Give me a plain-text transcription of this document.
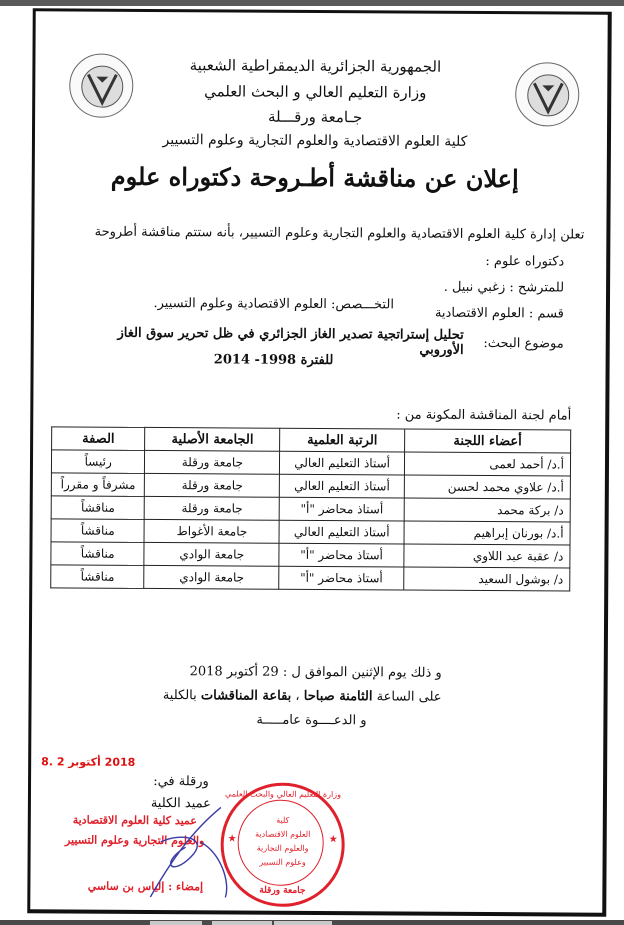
الجمهورية الجزائرية الديمقراطية الشعبية
وزارة التعليم العالي و البحث العلمي
جـامعة ورقـــلة
كلية العلوم الاقتصادية والعلوم التجارية وعلوم التسيير
إعلان عن مناقشة أطـروحة دكتوراه علوم
تعلن إدارة كلية العلوم الاقتصادية والعلوم التجارية وعلوم التسيير، بأنه ستتم مناقشة أطروحة
دكتوراه علوم :
للمترشح : زغبي نبيل .
قسم : العلوم الاقتصادية
التخـــصص: العلوم الاقتصادية وعلوم التسيير.
موضوع البحث:
تحليل إستراتجية تصدير الغاز الجزائري في ظل تحرير سوق الغاز الأوروبي
للفترة 1998- 2014
أمام لجنة المناقشة المكونة من :
أعضاء اللجنة	الرتبة العلمية	الجامعة الأصلية	الصفة
أ.د/ أحمد لعمى	أستاذ التعليم العالي	جامعة ورقلة	رئيساً
أ.د/ علاوي محمد لحسن	أستاذ التعليم العالي	جامعة ورقلة	مشرفاً و مقرراً
د/ بركة محمد	أستاذ محاضر "أ"	جامعة ورقلة	مناقشاً
أ.د/ بورنان إبراهيم	أستاذ التعليم العالي	جامعة الأغواط	مناقشاً
د/ عقبة عبد اللاوي	أستاذ محاضر "أ"	جامعة الوادي	مناقشاً
د/ بوشول السعيد	أستاذ محاضر "أ"	جامعة الوادي	مناقشاً
و ذلك يوم الإثنين الموافق ل : 29 أكتوبر 2018
على الساعة الثامنة صباحا ، بقاعة المناقشات بالكلية
و الدعــــوة عامـــــة
2018 أكتوبر 2 .8
ورقلة في:
عميد الكلية
عميد كلية العلوم الاقتصادية
والعلوم التجارية وعلوم التسيير
إمضاء : إلياس بن ساسي
وزارة التعليم العالي والبحث العلمي
كلية
العلوم الاقتصادية
والعلوم التجارية
وعلوم التسيير
جامعة ورقلة
★	★
